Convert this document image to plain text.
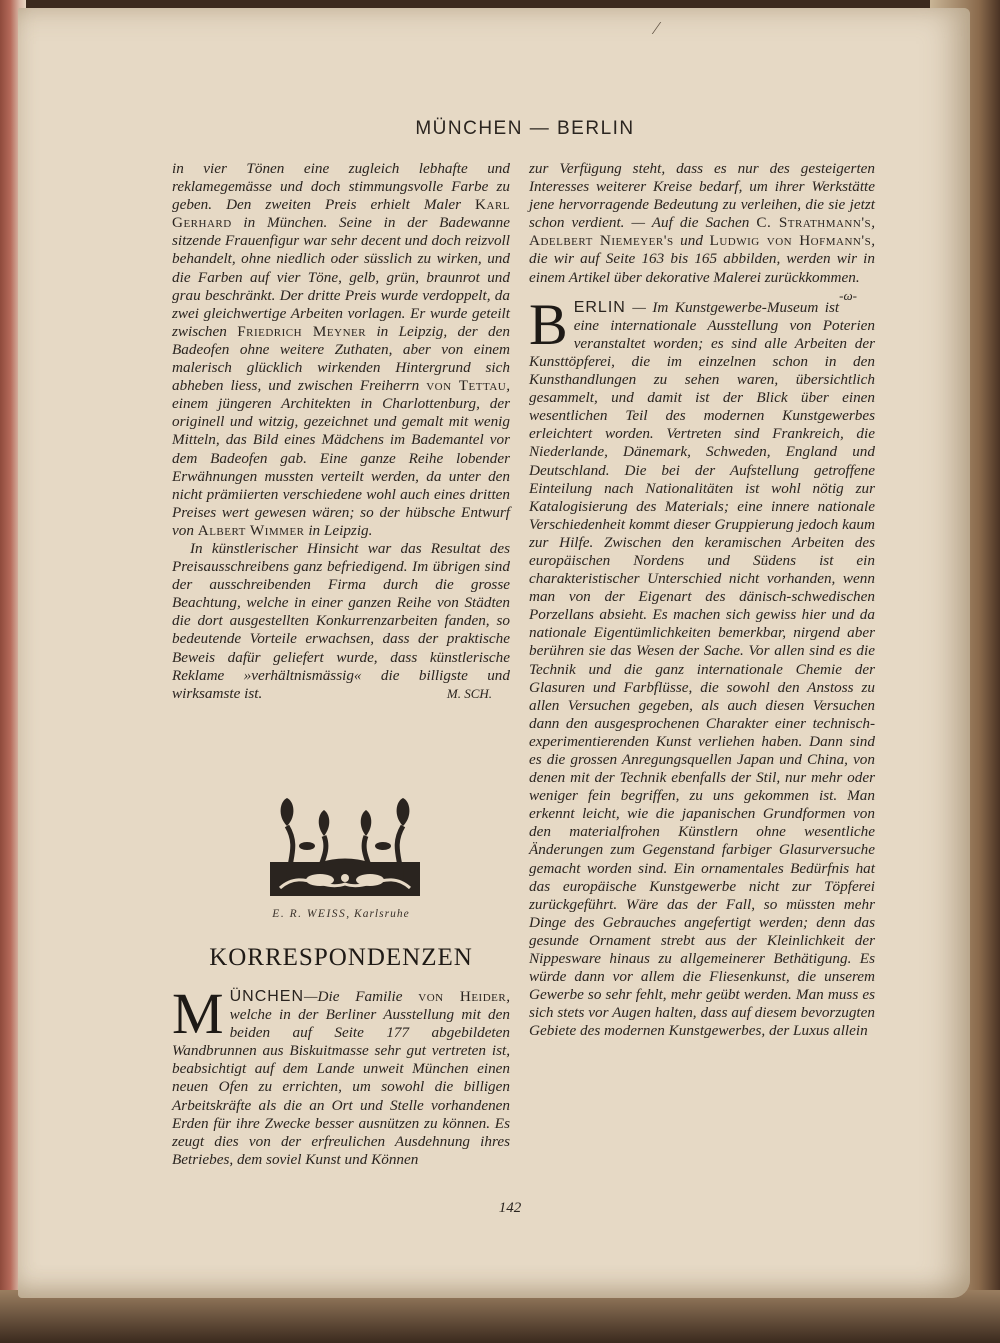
⁄
MÜNCHEN — BERLIN

in vier Tönen eine zugleich lebhafte und reklamegemässe und doch stimmungsvolle Farbe zu geben. Den zweiten Preis erhielt Maler Karl Gerhard in München. Seine in der Badewanne sitzende Frauenfigur war sehr decent und doch reizvoll behandelt, ohne niedlich oder süsslich zu wirken, und die Farben auf vier Töne, gelb, grün, braunrot und grau beschränkt. Der dritte Preis wurde verdoppelt, da zwei gleichwertige Arbeiten vorlagen. Er wurde geteilt zwischen Friedrich Meyner in Leipzig, der den Badeofen ohne weitere Zuthaten, aber von einem malerisch glücklich wirkenden Hintergrund sich abheben liess, und zwischen Freiherrn von Tettau, einem jüngeren Architekten in Charlottenburg, der originell und witzig, gezeichnet und gemalt mit wenig Mitteln, das Bild eines Mädchens im Bademantel vor dem Badeofen gab. Eine ganze Reihe lobender Erwähnungen mussten verteilt werden, da unter den nicht prämiierten verschiedene wohl auch eines dritten Preises wert gewesen wären; so der hübsche Entwurf von Albert Wimmer in Leipzig.

In künstlerischer Hinsicht war das Resultat des Preisausschreibens ganz befriedigend. Im übrigen sind der ausschreibenden Firma durch die grosse Beachtung, welche in einer ganzen Reihe von Städten die dort ausgestellten Konkurrenzarbeiten fanden, so bedeutende Vorteile erwachsen, dass der praktische Beweis dafür geliefert wurde, dass künstlerische Reklame »verhältnismässig« die billigste und wirksamste ist.	M. SCH.

E. R. WEISS, Karlsruhe
KORRESPONDENZEN

MÜNCHEN—Die Familie von Heider, welche in der Berliner Ausstellung mit den beiden auf Seite 177 abgebildeten Wandbrunnen aus Biskuitmasse sehr gut vertreten ist, beabsichtigt auf dem Lande unweit München einen neuen Ofen zu errichten, um sowohl die billigen Arbeitskräfte als die an Ort und Stelle vorhandenen Erden für ihre Zwecke besser ausnützen zu können. Es zeugt dies von der erfreulichen Ausdehnung ihres Betriebes, dem soviel Kunst und Können

zur Verfügung steht, dass es nur des gesteigerten Interesses weiterer Kreise bedarf, um ihrer Werkstätte jene hervorragende Bedeutung zu verleihen, die sie jetzt schon verdient. — Auf die Sachen C. Strathmann's, Adelbert Niemeyer's und Ludwig von Hofmann's, die wir auf Seite 163 bis 165 abbilden, werden wir in einem Artikel über dekorative Malerei zurückkommen.
-ω-

BERLIN — Im Kunstgewerbe-Museum ist eine internationale Ausstellung von Poterien veranstaltet worden; es sind alle Arbeiten der Kunsttöpferei, die im einzelnen schon in den Kunsthandlungen zu sehen waren, übersichtlich gesammelt, und damit ist der Blick über einen wesentlichen Teil des modernen Kunstgewerbes erleichtert worden. Vertreten sind Frankreich, die Niederlande, Dänemark, Schweden, England und Deutschland. Die bei der Aufstellung getroffene Einteilung nach Nationalitäten ist wohl nötig zur Katalogisierung des Materials; eine innere nationale Verschiedenheit kommt dieser Gruppierung jedoch kaum zur Hilfe. Zwischen den keramischen Arbeiten des europäischen Nordens und Südens ist ein charakteristischer Unterschied nicht vorhanden, wenn man von der Eigenart des dänisch-schwedischen Porzellans absieht. Es machen sich gewiss hier und da nationale Eigentümlichkeiten bemerkbar, nirgend aber berühren sie das Wesen der Sache. Vor allen sind es die Technik und die ganz internationale Chemie der Glasuren und Farbflüsse, die sowohl den Anstoss zu allen Versuchen gegeben, als auch diesen Versuchen dann den ausgesprochenen Charakter einer technisch-experimentierenden Kunst verliehen haben. Dann sind es die grossen Anregungsquellen Japan und China, von denen mit der Technik ebenfalls der Stil, nur mehr oder weniger fein begriffen, zu uns gekommen ist. Man erkennt leicht, wie die japanischen Grundformen von den materialfrohen Künstlern ohne wesentliche Änderungen zum Gegenstand farbiger Glasurversuche gemacht worden sind. Ein ornamentales Bedürfnis hat das europäische Kunstgewerbe nicht zur Töpferei zurückgeführt. Wäre das der Fall, so müssten mehr Dinge des Gebrauches angefertigt werden; denn das gesunde Ornament strebt aus der Kleinlichkeit der Nippesware hinaus zu allgemeinerer Bethätigung. Es würde dann vor allem die Fliesenkunst, die unserem Gewerbe so sehr fehlt, mehr geübt werden. Man muss es sich stets vor Augen halten, dass auf diesem bevorzugten Gebiete des modernen Kunstgewerbes, der Luxus allein

142
